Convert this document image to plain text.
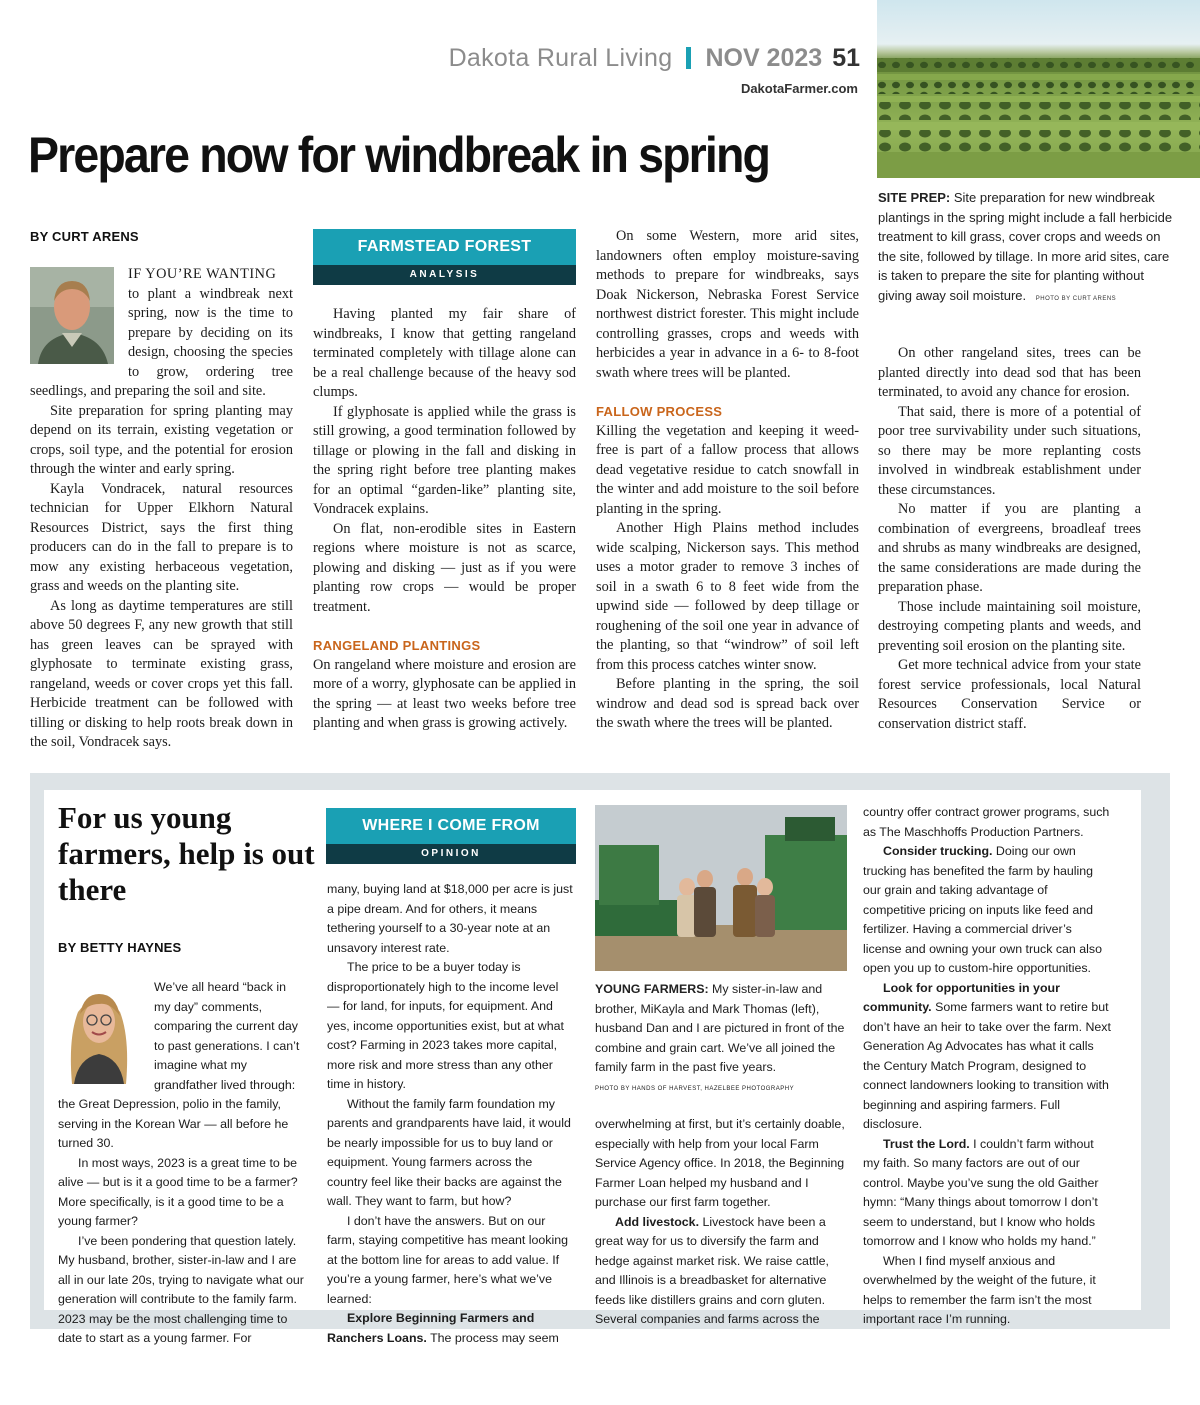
Dakota Rural Living NOV 2023 51
DakotaFarmer.com
Prepare now for windbreak in spring
SITE PREP: Site preparation for new windbreak plantings in the spring might include a fall herbicide treatment to kill grass, cover crops and weeds on the site, followed by tillage. In more arid sites, care is taken to prepare the site for planting without giving away soil moisture. PHOTO BY CURT ARENS
BY CURT ARENS

IF YOU’RE WANTING

to plant a windbreak next spring, now is the time to prepare by deciding on its design, choosing the species to grow, ordering tree seedlings, and preparing the soil and site.

Site preparation for spring planting may depend on its terrain, existing vegetation or crops, soil type, and the potential for erosion through the winter and early spring.

Kayla Vondracek, natural resources technician for Upper Elkhorn Natural Resources District, says the first thing producers can do in the fall to prepare is to mow any existing herbaceous vegetation, grass and weeds on the planting site.

As long as daytime temperatures are still above 50 degrees F, any new growth that still has green leaves can be sprayed with glyphosate to terminate existing grass, rangeland, weeds or cover crops yet this fall. Herbicide treatment can be followed with tilling or disking to help roots break down in the soil, Vondracek says.

FARMSTEAD FOREST
ANALYSIS

Having planted my fair share of windbreaks, I know that getting rangeland terminated completely with tillage alone can be a real challenge because of the heavy sod clumps.

If glyphosate is applied while the grass is still growing, a good termination followed by tillage or plowing in the fall and disking in the spring right before tree planting makes for an optimal “garden-like” planting site, Vondracek explains.

On flat, non-erodible sites in Eastern regions where moisture is not as scarce, plowing and disking — just as if you were planting row crops — would be proper treatment.

RANGELAND PLANTINGS

On rangeland where moisture and erosion are more of a worry, glyphosate can be applied in the spring — at least two weeks before tree planting and when grass is growing actively.

On some Western, more arid sites, landowners often employ moisture-saving methods to prepare for windbreaks, says Doak Nickerson, Nebraska Forest Service northwest district forester. This might include controlling grasses, crops and weeds with herbicides a year in advance in a 6- to 8-foot swath where trees will be planted.

FALLOW PROCESS

Killing the vegetation and keeping it weed-free is part of a fallow process that allows dead vegetative residue to catch snowfall in the winter and add moisture to the soil before planting in the spring.

Another High Plains method includes wide scalping, Nickerson says. This method uses a motor grader to remove 3 inches of soil in a swath 6 to 8 feet wide from the upwind side — followed by deep tillage or roughening of the soil one year in advance of the planting, so that “windrow” of soil left from this process catches winter snow.

Before planting in the spring, the soil windrow and dead sod is spread back over the swath where the trees will be planted.

On other rangeland sites, trees can be planted directly into dead sod that has been terminated, to avoid any chance for erosion.

That said, there is more of a potential of poor tree survivability under such situations, so there may be more replanting costs involved in windbreak establishment under these circumstances.

No matter if you are planting a combination of evergreens, broadleaf trees and shrubs as many windbreaks are designed, the same considerations are made during the preparation phase.

Those include maintaining soil moisture, destroying competing plants and weeds, and preventing soil erosion on the planting site.

Get more technical advice from your state forest service professionals, local Natural Resources Conservation Service or conservation district staff.

For us young farmers, help is out there
BY BETTY HAYNES

We’ve all heard “back in my day” comments, comparing the current day to past generations. I can’t imagine what my grandfather lived through: the Great Depression, polio in the family, serving in the Korean War — all before he turned 30.

In most ways, 2023 is a great time to be alive — but is it a good time to be a farmer? More specifically, is it a good time to be a young farmer?

I’ve been pondering that question lately. My husband, brother, sister-in-law and I are all in our late 20s, trying to navigate what our generation will contribute to the family farm. 2023 may be the most challenging time to date to start as a young farmer. For

WHERE I COME FROM
OPINION

many, buying land at $18,000 per acre is just a pipe dream. And for others, it means tethering yourself to a 30-year note at an unsavory interest rate.

The price to be a buyer today is disproportionately high to the income level — for land, for inputs, for equipment. And yes, income opportunities exist, but at what cost? Farming in 2023 takes more capital, more risk and more stress than any other time in history.

Without the family farm foundation my parents and grandparents have laid, it would be nearly impossible for us to buy land or equipment. Young farmers across the country feel like their backs are against the wall. They want to farm, but how?

I don’t have the answers. But on our farm, staying competitive has meant looking at the bottom line for areas to add value. If you’re a young farmer, here’s what we’ve learned:

Explore Beginning Farmers and Ranchers Loans. The process may seem

YOUNG FARMERS: My sister-in-law and brother, MiKayla and Mark Thomas (left), husband Dan and I are pictured in front of the combine and grain cart. We’ve all joined the family farm in the past five years.
PHOTO BY HANDS OF HARVEST, HAZELBEE PHOTOGRAPHY

overwhelming at first, but it’s certainly doable, especially with help from your local Farm Service Agency office. In 2018, the Beginning Farmer Loan helped my husband and I purchase our first farm together.

Add livestock. Livestock have been a great way for us to diversify the farm and hedge against market risk. We raise cattle, and Illinois is a breadbasket for alternative feeds like distillers grains and corn gluten. Several companies and farms across the

country offer contract grower programs, such as The Maschhoffs Production Partners.

Consider trucking. Doing our own trucking has benefited the farm by hauling our grain and taking advantage of competitive pricing on inputs like feed and fertilizer. Having a commercial driver’s license and owning your own truck can also open you up to custom-hire opportunities.

Look for opportunities in your community. Some farmers want to retire but don’t have an heir to take over the farm. Next Generation Ag Advocates has what it calls the Century Match Program, designed to connect landowners looking to transition with beginning and aspiring farmers. Full disclosure.

Trust the Lord. I couldn’t farm without my faith. So many factors are out of our control. Maybe you’ve sung the old Gaither hymn: “Many things about tomorrow I don’t seem to understand, but I know who holds tomorrow and I know who holds my hand.”

When I find myself anxious and overwhelmed by the weight of the future, it helps to remember the farm isn’t the most important race I’m running.
